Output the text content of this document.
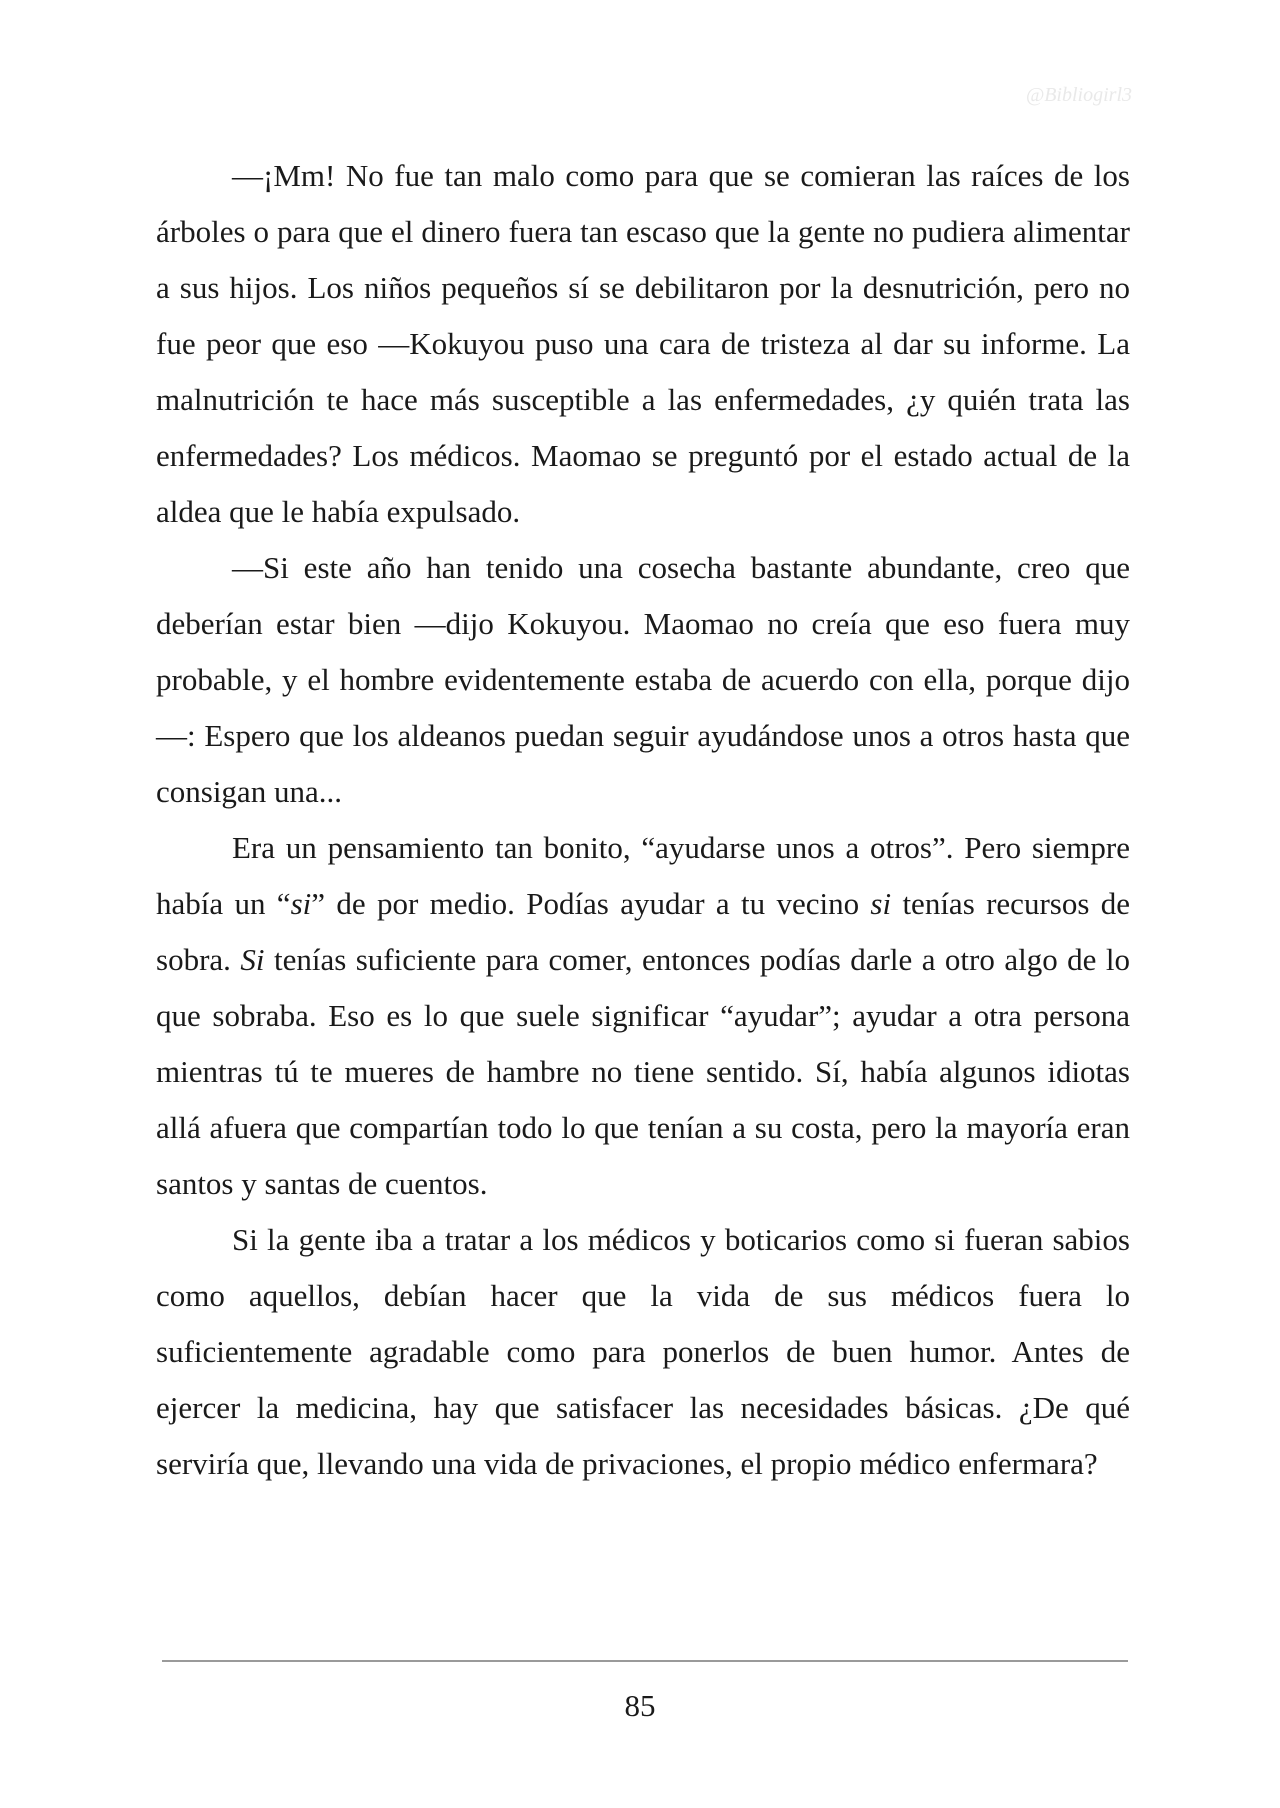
@Bibliogirl3

—¡Mm! No fue tan malo como para que se comieran las raíces de los árboles o para que el dinero fuera tan escaso que la gente no pudiera alimentar a sus hijos. Los niños pequeños sí se debilitaron por la desnutrición, pero no fue peor que eso —Kokuyou puso una cara de tristeza al dar su informe. La malnutrición te hace más susceptible a las enfermedades, ¿y quién trata las enfermedades? Los médicos. Maomao se preguntó por el estado actual de la aldea que le había expulsado.

—Si este año han tenido una cosecha bastante abundante, creo que deberían estar bien —dijo Kokuyou. Maomao no creía que eso fuera muy probable, y el hombre evidentemente estaba de acuerdo con ella, porque dijo—: Espero que los aldeanos puedan seguir ayudándose unos a otros hasta que consigan una...

Era un pensamiento tan bonito, “ayudarse unos a otros”. Pero siempre había un “si” de por medio. Podías ayudar a tu vecino si tenías recursos de sobra. Si tenías suficiente para comer, entonces podías darle a otro algo de lo que sobraba. Eso es lo que suele significar “ayudar”; ayudar a otra persona mientras tú te mueres de hambre no tiene sentido. Sí, había algunos idiotas allá afuera que compartían todo lo que tenían a su costa, pero la mayoría eran santos y santas de cuentos.

Si la gente iba a tratar a los médicos y boticarios como si fueran sabios como aquellos, debían hacer que la vida de sus médicos fuera lo suficientemente agradable como para ponerlos de buen humor. Antes de ejercer la medicina, hay que satisfacer las necesidades básicas. ¿De qué serviría que, llevando una vida de privaciones, el propio médico enfermara?

85
